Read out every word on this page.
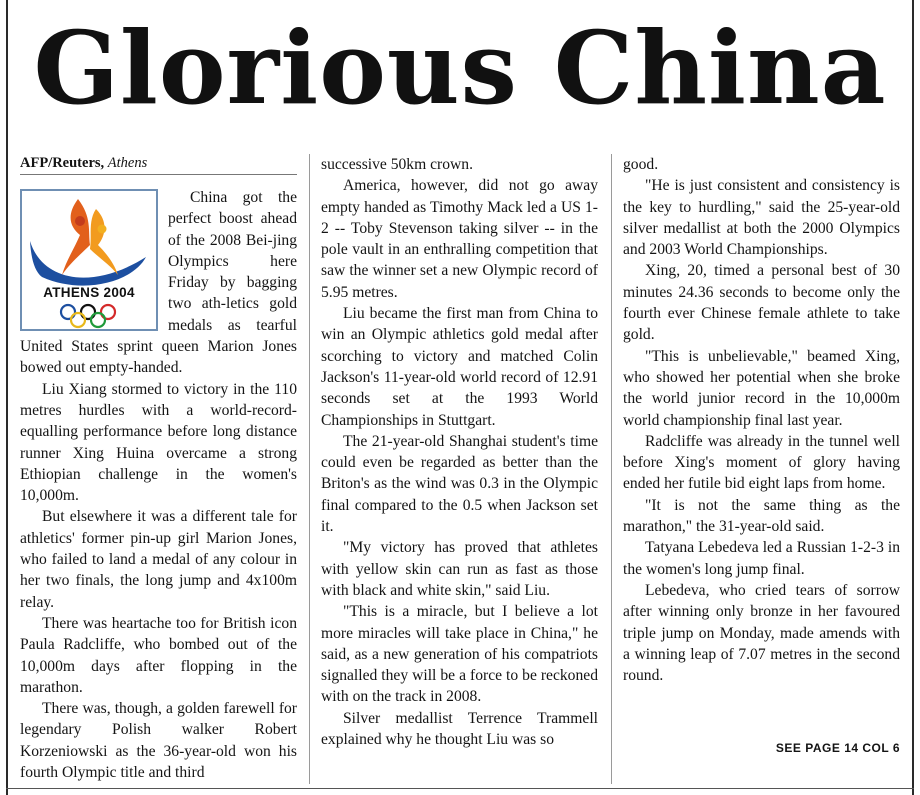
Glorious China
AFP/Reuters, Athens
ATHENS 2004

China got the perfect boost ahead of the 2008 Bei-jing Olympics here Friday by bagging two ath-letics gold medals as tearful United States sprint queen Marion Jones bowed out empty-handed.

Liu Xiang stormed to victory in the 110 metres hurdles with a world-record-equalling performance before long distance runner Xing Huina overcame a strong Ethiopian challenge in the women's 10,000m.

But elsewhere it was a different tale for athletics' former pin-up girl Marion Jones, who failed to land a medal of any colour in her two finals, the long jump and 4x100m relay.

There was heartache too for British icon Paula Radcliffe, who bombed out of the 10,000m days after flopping in the marathon.

There was, though, a golden farewell for legendary Polish walker Robert Korzeniowski as the 36-year-old won his fourth Olympic title and third

successive 50km crown.

America, however, did not go away empty handed as Timothy Mack led a US 1-2 -- Toby Stevenson taking silver -- in the pole vault in an enthralling competition that saw the winner set a new Olympic record of 5.95 metres.

Liu became the first man from China to win an Olympic athletics gold medal after scorching to victory and matched Colin Jackson's 11-year-old world record of 12.91 seconds set at the 1993 World Championships in Stuttgart.

The 21-year-old Shanghai student's time could even be regarded as better than the Briton's as the wind was 0.3 in the Olympic final compared to the 0.5 when Jackson set it.

"My victory has proved that athletes with yellow skin can run as fast as those with black and white skin," said Liu.

"This is a miracle, but I believe a lot more miracles will take place in China," he said, as a new generation of his compatriots signalled they will be a force to be reckoned with on the track in 2008.

Silver medallist Terrence Trammell explained why he thought Liu was so

good.

"He is just consistent and consistency is the key to hurdling," said the 25-year-old silver medallist at both the 2000 Olympics and 2003 World Championships.

Xing, 20, timed a personal best of 30 minutes 24.36 seconds to become only the fourth ever Chinese female athlete to take gold.

"This is unbelievable," beamed Xing, who showed her potential when she broke the world junior record in the 10,000m world championship final last year.

Radcliffe was already in the tunnel well before Xing's moment of glory having ended her futile bid eight laps from home.

"It is not the same thing as the marathon," the 31-year-old said.

Tatyana Lebedeva led a Russian 1-2-3 in the women's long jump final.

Lebedeva, who cried tears of sorrow after winning only bronze in her favoured triple jump on Monday, made amends with a winning leap of 7.07 metres in the second round.

SEE PAGE 14 COL 6
